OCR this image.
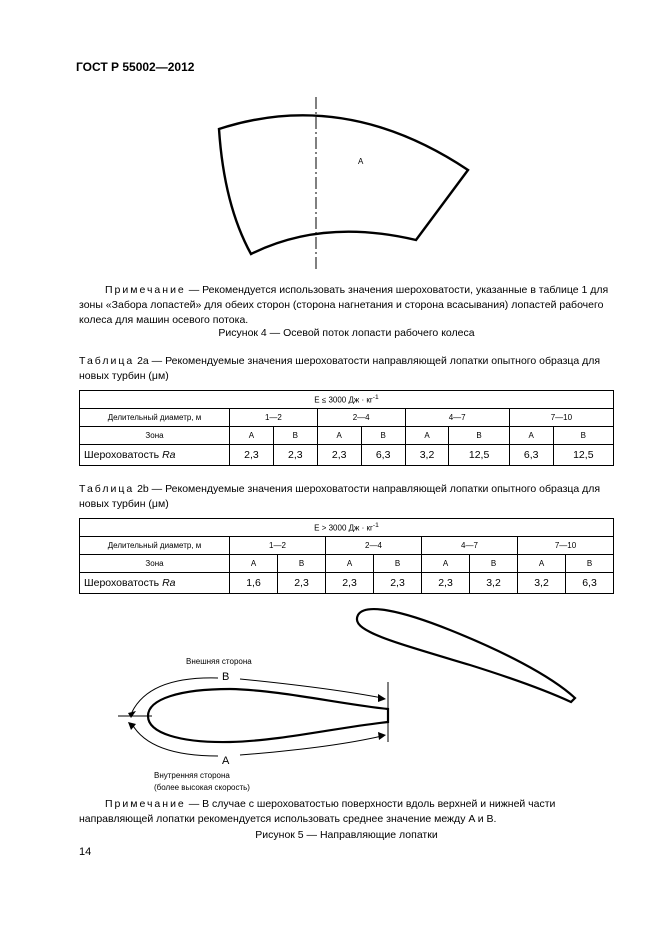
ГОСТ Р 55002—2012
A
Внешняя сторона
B
A
Внутренняя сторона
(более высокая скорость)
Примечание — Рекомендуется использовать значения шероховатости, указанные в таблице 1 для зоны «Забора лопастей» для обеих сторон (сторона нагнетания и сторона всасывания) лопастей рабочего колеса для машин осевого потока.
Рисунок 4 — Осевой поток лопасти рабочего колеса
Таблица 2a — Рекомендуемые значения шероховатости направляющей лопатки опытного образца для новых турбин (μм)
E ≤ 3000 Дж · $кг^{-1}$
Делительный диаметр, м	1—2		2—4		4—7		7—10	
Зона	A	B	A	B	A	B	A	B
Шероховатость Ra	2,3	2,3	2,3	6,3	3,2	12,5	6,3	12,5
Таблица 2b — Рекомендуемые значения шероховатости направляющей лопатки опытного образца для новых турбин (μм)
E > 3000 Дж · $кг^{-1}$
Делительный диаметр, м	1—2		2—4		4—7		7—10	
Зона	A	B	A	B	A	B	A	B
Шероховатость Ra	1,6	2,3	2,3	2,3	2,3	3,2	3,2	6,3
Примечание — В случае с шероховатостью поверхности вдоль верхней и нижней части направляющей лопатки рекомендуется использовать среднее значение между A и B.
Рисунок 5 — Направляющие лопатки
14
